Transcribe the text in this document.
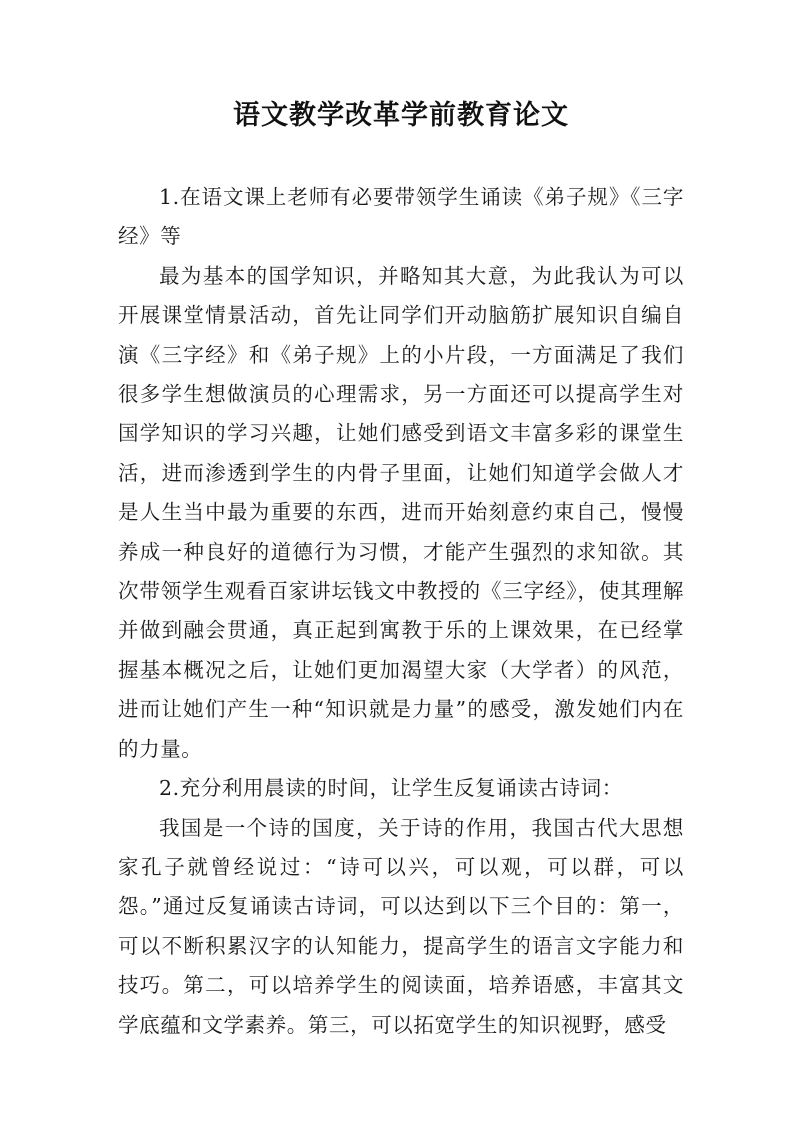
语文教学改革学前教育论文

1.在语文课上老师有必要带领学生诵读《弟子规》《三字经》等

最为基本的国学知识，并略知其大意，为此我认为可以开展课堂情景活动，首先让同学们开动脑筋扩展知识自编自演《三字经》和《弟子规》上的小片段，一方面满足了我们很多学生想做演员的心理需求，另一方面还可以提高学生对国学知识的学习兴趣，让她们感受到语文丰富多彩的课堂生活，进而渗透到学生的内骨子里面，让她们知道学会做人才是人生当中最为重要的东西，进而开始刻意约束自己，慢慢养成一种良好的道德行为习惯，才能产生强烈的求知欲。其次带领学生观看百家讲坛钱文中教授的《三字经》，使其理解并做到融会贯通，真正起到寓教于乐的上课效果，在已经掌握基本概况之后，让她们更加渴望大家（大学者）的风范，进而让她们产生一种“知识就是力量”的感受，激发她们内在的力量。

2.充分利用晨读的时间，让学生反复诵读古诗词：

我国是一个诗的国度，关于诗的作用，我国古代大思想家孔子就曾经说过：“诗可以兴，可以观，可以群，可以怨。”通过反复诵读古诗词，可以达到以下三个目的：第一，可以不断积累汉字的认知能力，提高学生的语言文字能力和技巧。第二，可以培养学生的阅读面，培养语感，丰富其文学底蕴和文学素养。第三，可以拓宽学生的知识视野，感受
